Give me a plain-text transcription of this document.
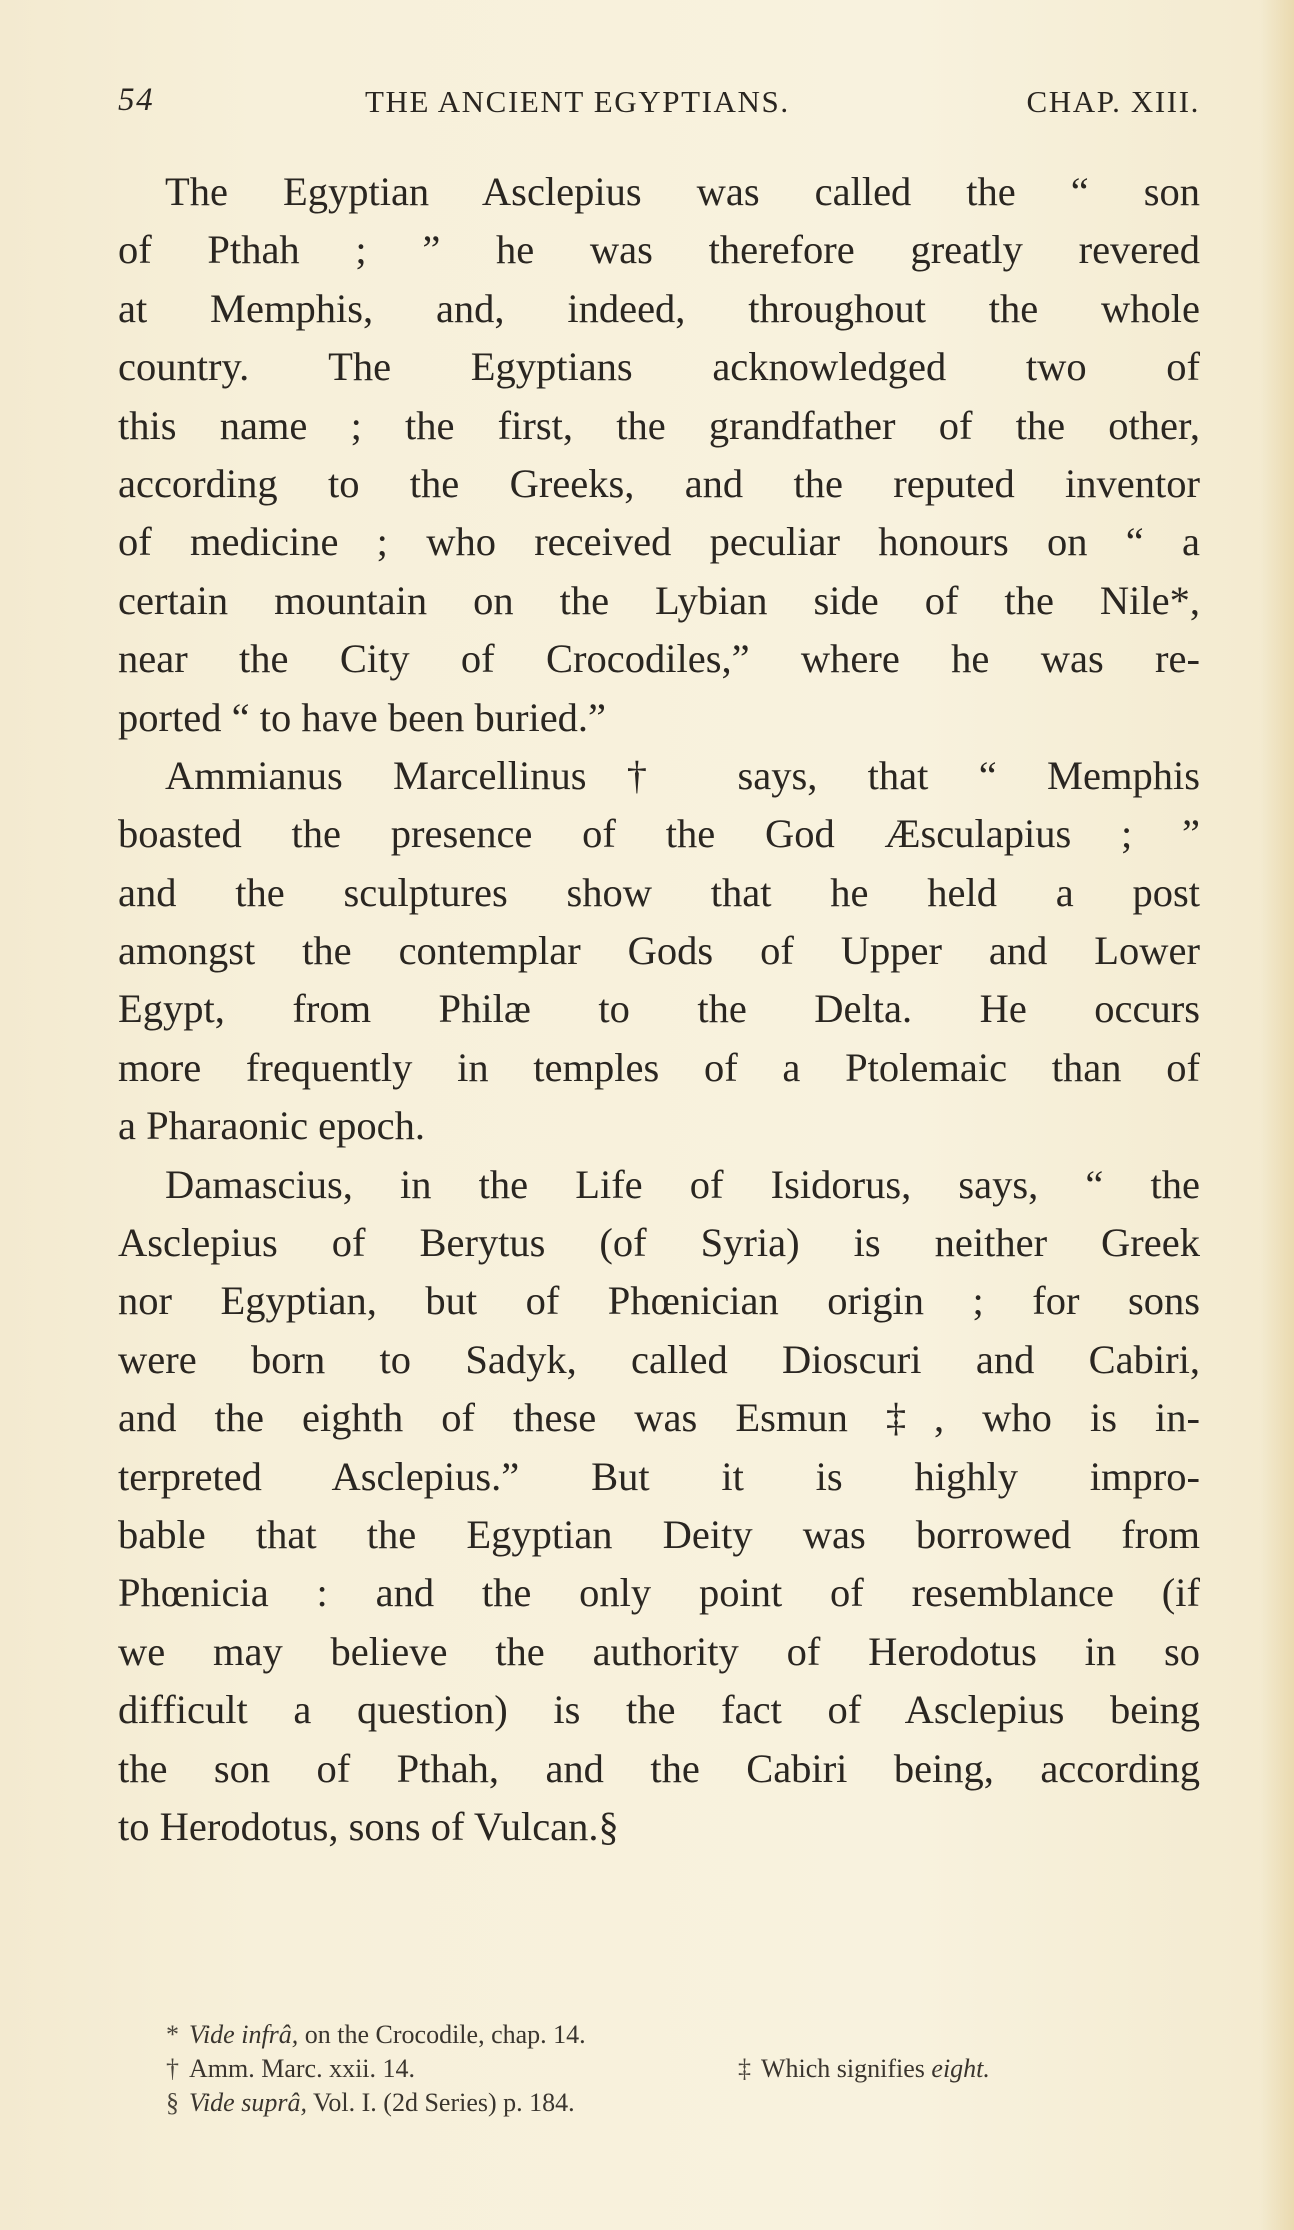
54	THE ANCIENT EGYPTIANS.	CHAP. XIII.
The Egyptian Asclepius was called the “ son
of Pthah ; ” he was therefore greatly revered
at Memphis, and, indeed, throughout the whole
country. The Egyptians acknowledged two of
this name ; the first, the grandfather of the other,
according to the Greeks, and the reputed inventor
of medicine ; who received peculiar honours on “ a
certain mountain on the Lybian side of the Nile*,
near the City of Crocodiles,” where he was re-
ported “ to have been buried.”
Ammianus Marcellinus† says, that “ Memphis
boasted the presence of the God Æsculapius ; ”
and the sculptures show that he held a post
amongst the contemplar Gods of Upper and Lower
Egypt, from Philæ to the Delta. He occurs
more frequently in temples of a Ptolemaic than of
a Pharaonic epoch.
Damascius, in the Life of Isidorus, says, “ the
Asclepius of Berytus (of Syria) is neither Greek
nor Egyptian, but of Phœnician origin ; for sons
were born to Sadyk, called Dioscuri and Cabiri,
and the eighth of these was Esmun ‡, who is in-
terpreted Asclepius.” But it is highly impro-
bable that the Egyptian Deity was borrowed from
Phœnicia : and the only point of resemblance (if
we may believe the authority of Herodotus in so
difficult a question) is the fact of Asclepius being
the son of Pthah, and the Cabiri being, according
to Herodotus, sons of Vulcan.§
* Vide infrâ, on the Crocodile, chap. 14.
† Amm. Marc. xxii. 14.	‡ Which signifies eight.
§ Vide suprâ, Vol. I. (2d Series) p. 184.
